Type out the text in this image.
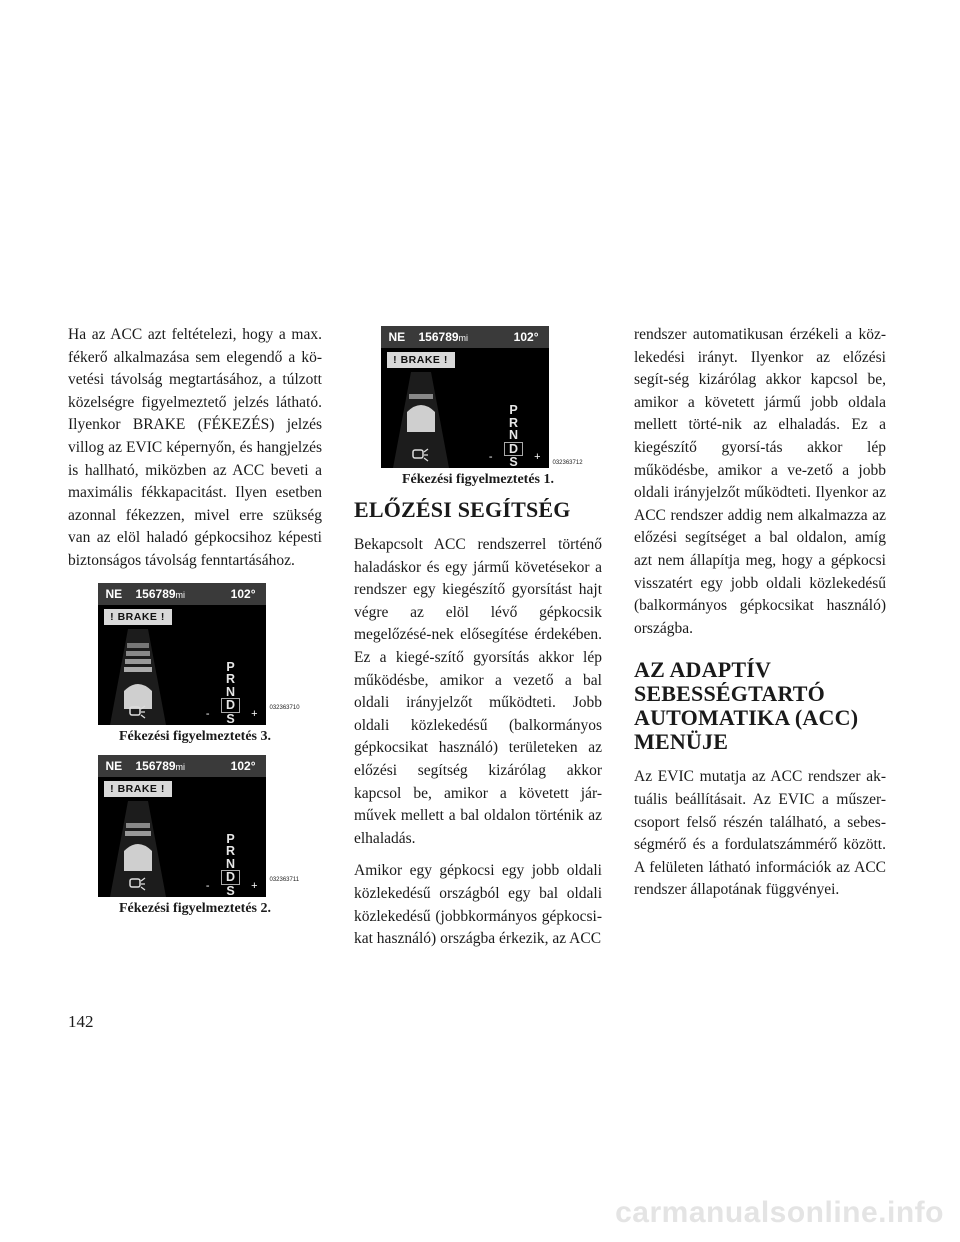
Ha az ACC azt feltételezi, hogy a max. fékerő alkalmazása sem elegendő a kö-vetési távolság megtartásához, a túlzott közelségre figyelmeztető jelzés látható. Ilyenkor BRAKE (FÉKEZÉS) jelzés villog az EVIC képernyőn, és hangjelzés is hallható, miközben az ACC beveti a maximális fékkapacitást. Ilyen esetben azonnal fékezzen, mivel erre szükség van az elöl haladó gépkocsihoz képesti biztonságos távolság fenntartásához.

NE 156789mi	102°
! BRAKE !
P
R
N
D
S
-	+ 032363710
Fékezési figyelmeztetés 3.
NE 156789mi	102°
! BRAKE !
P
R
N
D
S
-	+ 032363711
Fékezési figyelmeztetés 2.
NE 156789mi	102°
! BRAKE !
P
R
N
D
S
-	+ 032363712
Fékezési figyelmeztetés 1.
ELŐZÉSI SEGÍTSÉG

Bekapcsolt ACC rendszerrel történő haladáskor és egy jármű követésekor a rendszer egy kiegészítő gyorsítást hajt végre az elöl lévő gépkocsik megelőzésé-nek elősegítése érdekében. Ez a kiegé-szítő gyorsítás akkor lép működésbe, amikor a vezető a bal oldali irányjelzőt működteti. Jobb oldali közlekedésű (balkormányos gépkocsikat használó) területeken az előzési segítség kizárólag akkor kapcsol be, amikor a követett jár-művek mellett a bal oldalon történik az elhaladás.

Amikor egy gépkocsi egy jobb oldali közlekedésű országból egy bal oldali közlekedésű (jobbkormányos gépkocsi-kat használó) országba érkezik, az ACC

rendszer automatikusan érzékeli a köz-lekedési irányt. Ilyenkor az előzési segít-ség kizárólag akkor kapcsol be, amikor a követett jármű jobb oldala mellett törté-nik az elhaladás. Ez a kiegészítő gyorsí-tás akkor lép működésbe, amikor a ve-zető a jobb oldali irányjelzőt működteti. Ilyenkor az ACC rendszer addig nem alkalmazza az előzési segítséget a bal oldalon, amíg azt nem állapítja meg, hogy a gépkocsi visszatért egy jobb oldali közlekedésű (balkormányos gépkocsikat használó) országba.

AZ ADAPTÍV SEBESSÉGTARTÓ AUTOMATIKA (ACC) MENÜJE

Az EVIC mutatja az ACC rendszer ak-tuális beállításait. Az EVIC a műszer-csoport felső részén található, a sebes-ségmérő és a fordulatszámmérő között. A felületen látható információk az ACC rendszer állapotának függvényei.

142
carmanualsonline.info
